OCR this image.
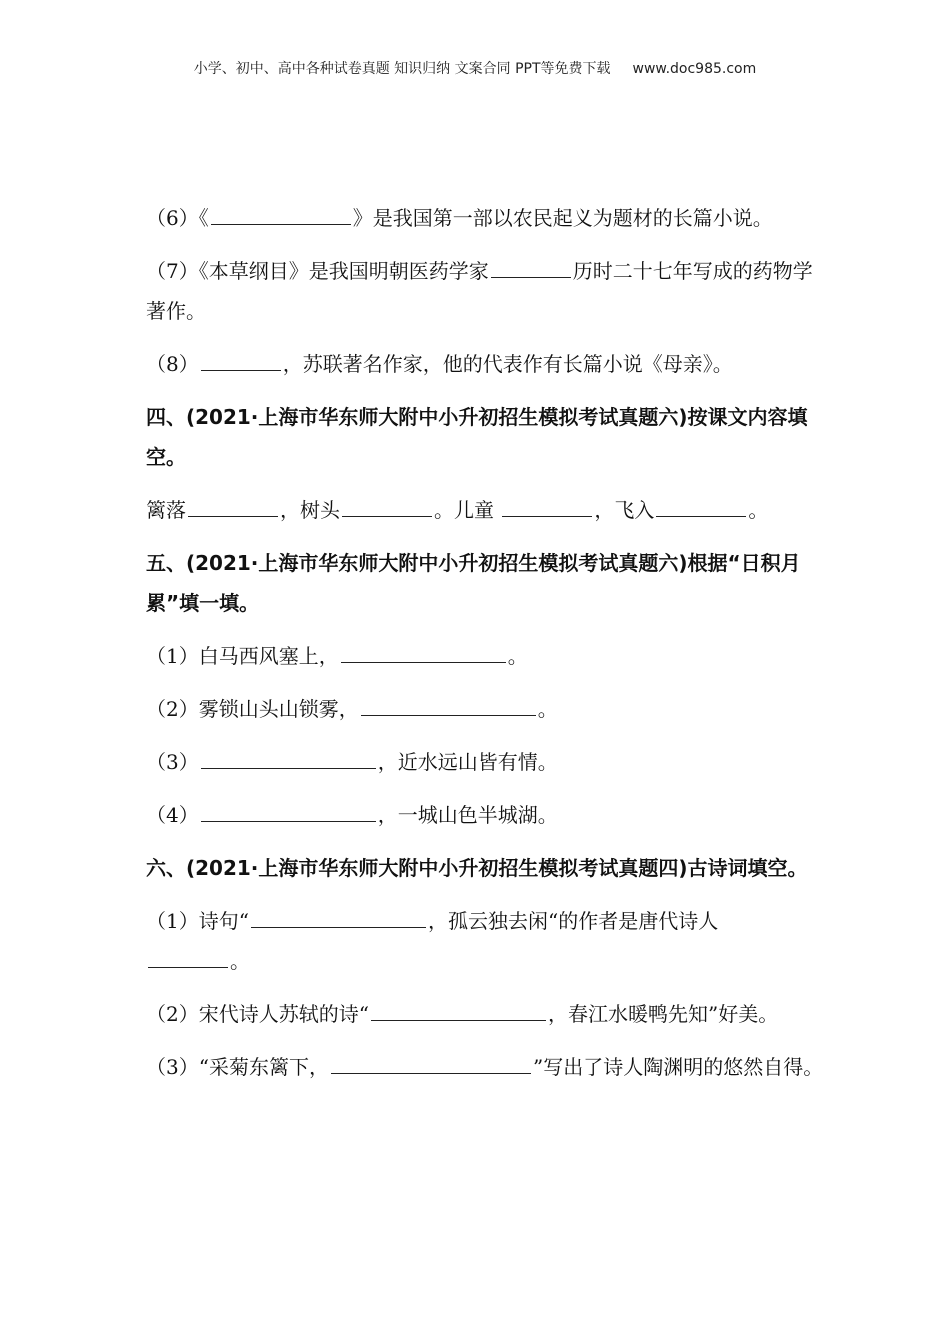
小学、初中、高中各种试卷真题 知识归纳 文案合同 PPT等免费下载 www.doc985.com
（6）《	》是我国第一部以农民起义为题材的长篇小说。
（7）《本草纲目》是我国明朝医药学家	历时二十七年写成的药物学著作。
（8）	，苏联著名作家，他的代表作有长篇小说《母亲》。
四、(2021·上海市华东师大附中小升初招生模拟考试真题六)按课文内容填空。
篱落	，树头	。儿童	，飞入	。
五、(2021·上海市华东师大附中小升初招生模拟考试真题六)根据“日积月累”填一填。
（1）白马西风塞上，	。
（2）雾锁山头山锁雾，	。
（3）	，近水远山皆有情。
（4）	，一城山色半城湖。
六、(2021·上海市华东师大附中小升初招生模拟考试真题四)古诗词填空。
（1）诗句“	，孤云独去闲“的作者是唐代诗人
。
（2）宋代诗人苏轼的诗“	，春江水暖鸭先知”好美。
（3）“采菊东篱下，	”写出了诗人陶渊明的悠然自得。
